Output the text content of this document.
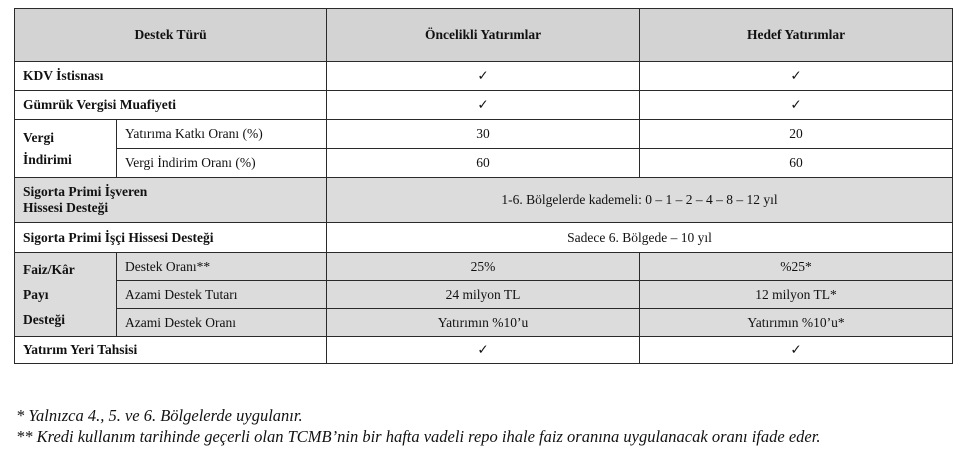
Destek Türü		Öncelikli Yatırımlar	Hedef Yatırımlar
KDV İstisnası		✓	✓
Gümrük Vergisi Muafiyeti		✓	✓

Vergi
İndirimi	Yatırıma Katkı Oranı (%)	30	20
	Vergi İndirim Oranı (%)	60	60

Sigorta Primi İşveren
Hissesi Desteği		1-6. Bölgelerde kademeli: 0 – 1 – 2 – 4 – 8 – 12 yıl	
Sigorta Primi İşçi Hissesi Desteği		Sadece 6. Bölgede – 10 yıl	

Faiz/Kâr
Payı
Desteği	Destek Oranı**	25%	%25*
	Azami Destek Tutarı	24 milyon TL	12 milyon TL*
	Azami Destek Oranı	Yatırımın %10’u	Yatırımın %10’u*
Yatırım Yeri Tahsisi		✓	✓
* Yalnızca 4., 5. ve 6. Bölgelerde uygulanır.
** Kredi kullanım tarihinde geçerli olan TCMB’nin bir hafta vadeli repo ihale faiz oranına uygulanacak oranı ifade eder.
